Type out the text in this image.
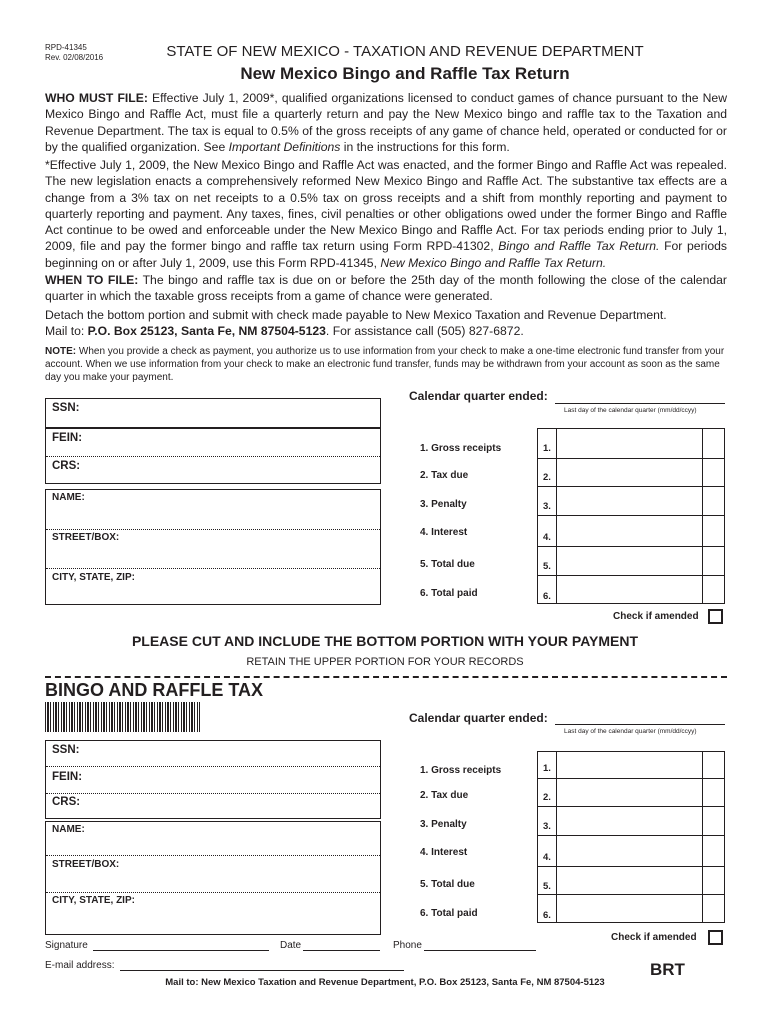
RPD-41345
Rev. 02/08/2016	STATE OF NEW MEXICO - TAXATION AND REVENUE DEPARTMENT
New Mexico Bingo and Raffle Tax Return
WHO MUST FILE: Effective July 1, 2009*, qualified organizations licensed to conduct games of chance pursuant to the New Mexico Bingo and Raffle Act, must file a quarterly return and pay the New Mexico bingo and raffle tax to the Taxation and Revenue Department. The tax is equal to 0.5% of the gross receipts of any game of chance held, operated or conducted for or by the qualified organization. See Important Definitions in the instructions for this form.
*Effective July 1, 2009, the New Mexico Bingo and Raffle Act was enacted, and the former Bingo and Raffle Act was repealed. The new legislation enacts a comprehensively reformed New Mexico Bingo and Raffle Act. The substantive tax effects are a change from a 3% tax on net receipts to a 0.5% tax on gross receipts and a shift from monthly reporting and payment to quarterly reporting and payment. Any taxes, fines, civil penalties or other obligations owed under the former Bingo and Raffle Act continue to be owed and enforceable under the New Mexico Bingo and Raffle Act. For tax periods ending prior to July 1, 2009, file and pay the former bingo and raffle tax return using Form RPD-41302, Bingo and Raffle Tax Return. For periods beginning on or after July 1, 2009, use this Form RPD-41345, New Mexico Bingo and Raffle Tax Return.
WHEN TO FILE: The bingo and raffle tax is due on or before the 25th day of the month following the close of the calendar quarter in which the taxable gross receipts from a game of chance were generated.
Detach the bottom portion and submit with check made payable to New Mexico Taxation and Revenue Department.
Mail to: P.O. Box 25123, Santa Fe, NM 87504-5123. For assistance call (505) 827-6872.
NOTE: When you provide a check as payment, you authorize us to use information from your check to make a one-time electronic fund transfer from your account. When we use information from your check to make an electronic fund transfer, funds may be withdrawn from your account as soon as the same day you make your payment.
Calendar quarter ended:
Last day of the calendar quarter (mm/dd/ccyy)
SSN:
FEIN:
CRS:
NAME:
STREET/BOX:
CITY, STATE, ZIP:
1. Gross receipts	1.
2. Tax due	2.
3. Penalty	3.
4. Interest	4.
5. Total due	5.
6. Total paid	6.
Check if amended
PLEASE CUT AND INCLUDE THE BOTTOM PORTION WITH YOUR PAYMENT
RETAIN THE UPPER PORTION FOR YOUR RECORDS
BINGO AND RAFFLE TAX
Calendar quarter ended:
Last day of the calendar quarter (mm/dd/ccyy)
SSN:
FEIN:
CRS:
NAME:
STREET/BOX:
CITY, STATE, ZIP:
1. Gross receipts	1.
2. Tax due	2.
3. Penalty	3.
4. Interest	4.
5. Total due	5.
6. Total paid	6.
Check if amended
Signature	Date	Phone
E-mail address:	BRT
Mail to: New Mexico Taxation and Revenue Department, P.O. Box 25123, Santa Fe, NM 87504-5123
